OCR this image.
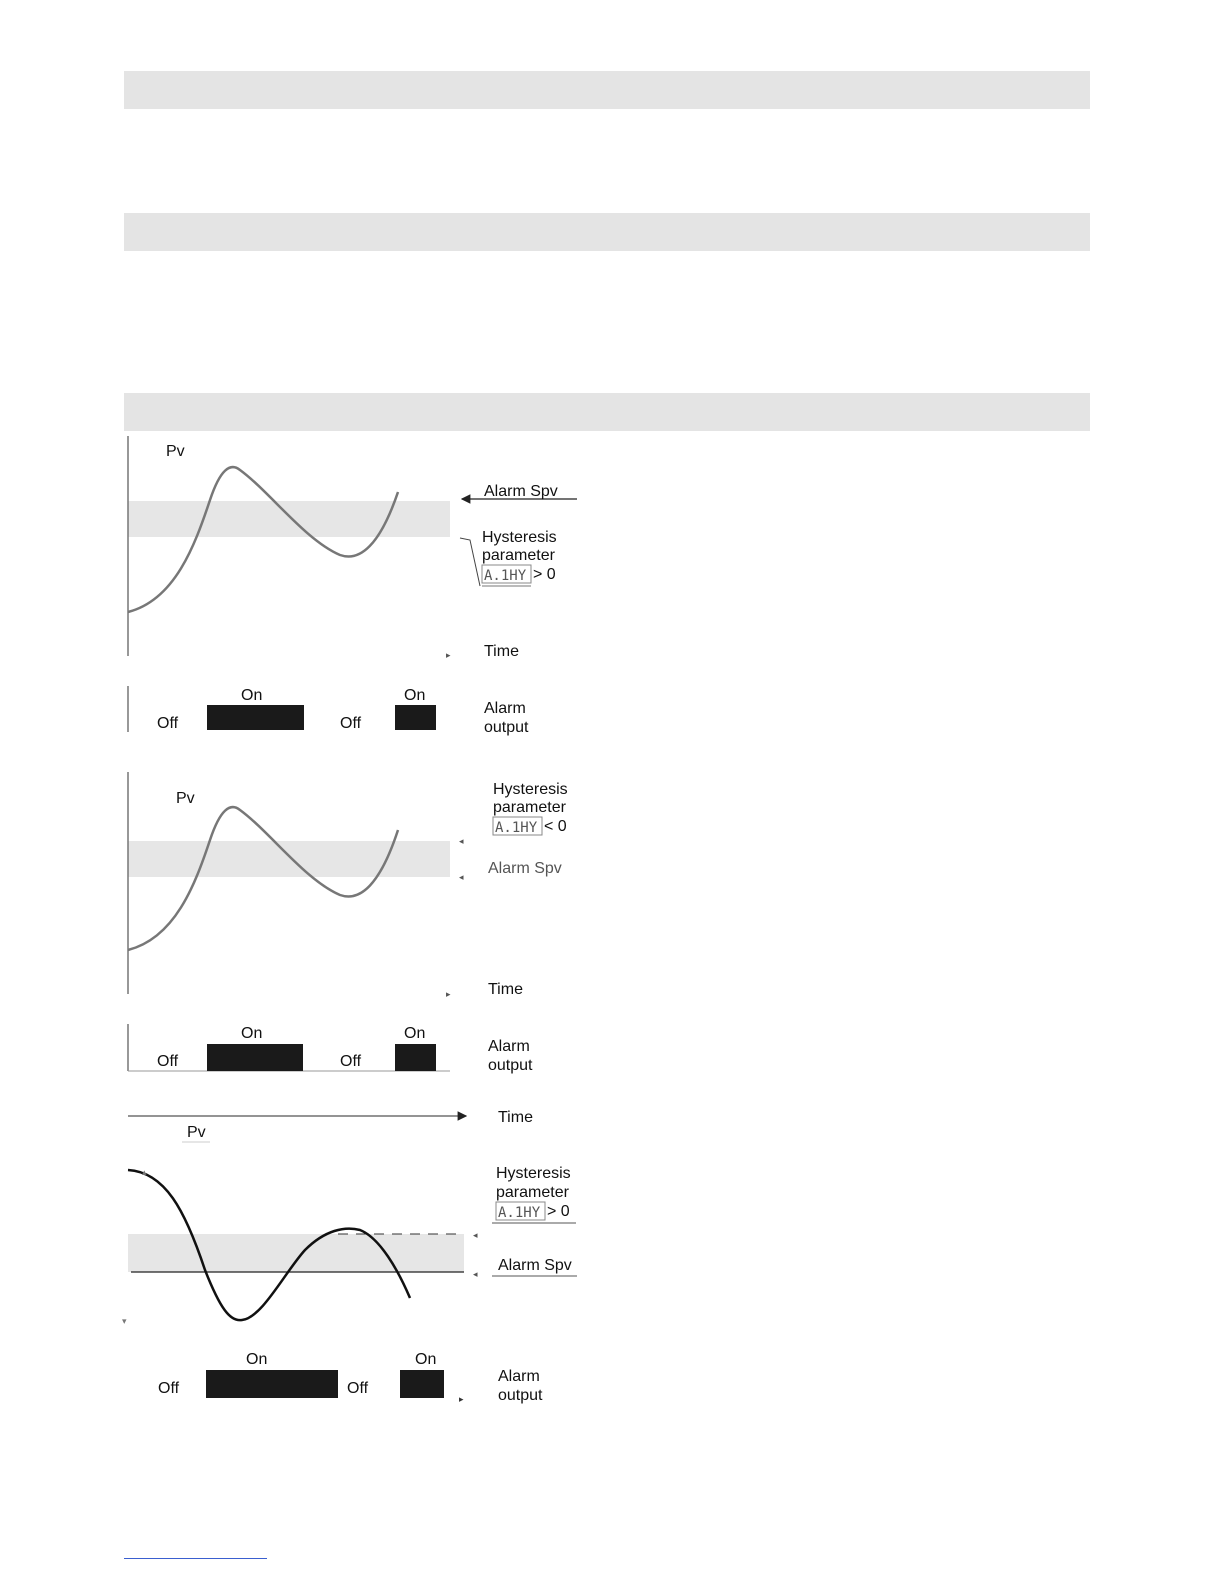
Pv
Alarm Spv
Hysteresis
parameter
A.1HY > 0
Time
▸
On	On
Off	Off
Alarm
output
Pv
Hysteresis
parameter
A.1HY < 0
◂
◂ Alarm Spv
Time
▸
On	On
Off	Off
Alarm
output
Time
Pv
▴
▾
Hysteresis
parameter
A.1HY > 0
◂
◂ Alarm Spv
On	On
Off	Off
▸
Alarm
output
